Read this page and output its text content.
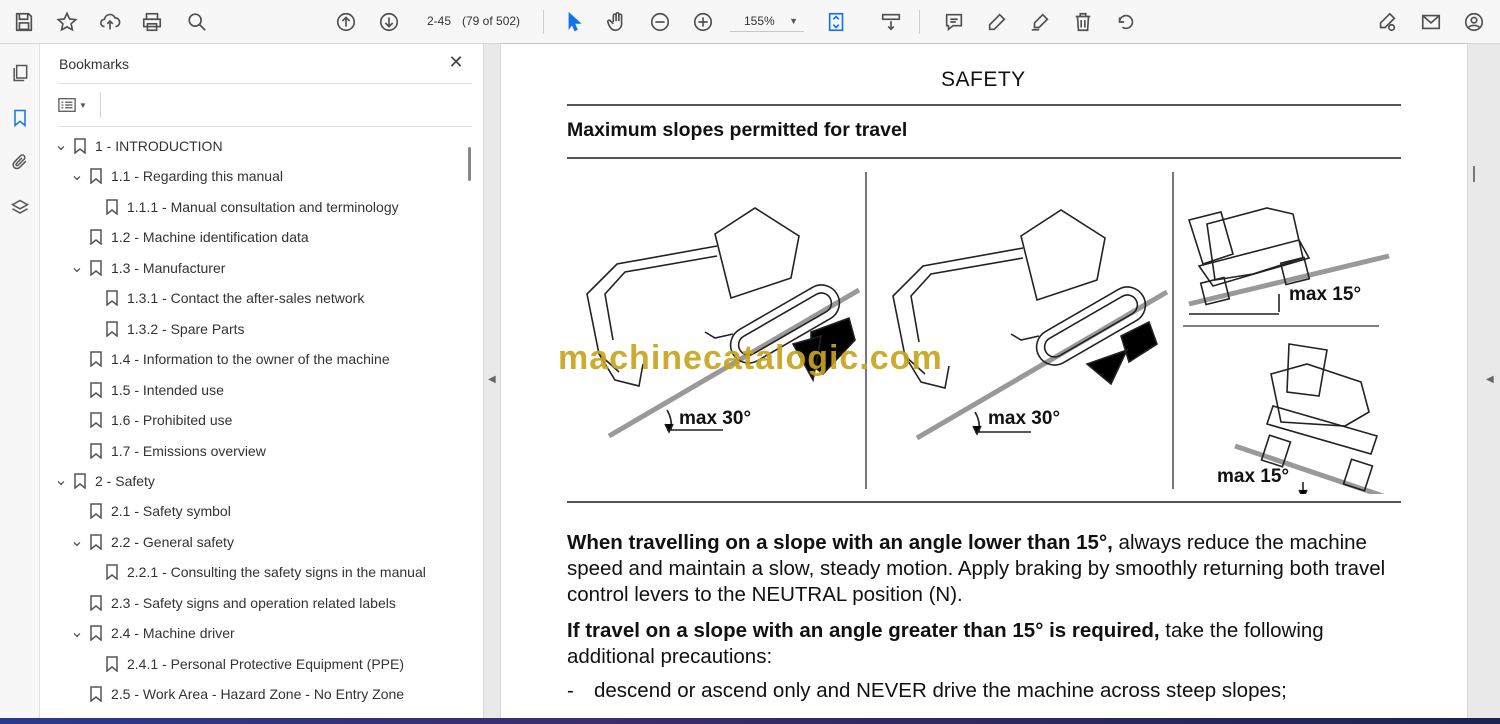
2-45 (79 of 502)	155% ▼
Bookmarks	✕
▼
⌄ 1 - INTRODUCTION
⌄ 1.1 - Regarding this manual
1.1.1 - Manual consultation and terminology
1.2 - Machine identification data
⌄ 1.3 - Manufacturer
1.3.1 - Contact the after-sales network
1.3.2 - Spare Parts
1.4 - Information to the owner of the machine
1.5 - Intended use
1.6 - Prohibited use
1.7 - Emissions overview
⌄ 2 - Safety
2.1 - Safety symbol
⌄ 2.2 - General safety
2.2.1 - Consulting the safety signs in the manual
2.3 - Safety signs and operation related labels
⌄ 2.4 - Machine driver
2.4.1 - Personal Protective Equipment (PPE)
2.5 - Work Area - Hazard Zone - No Entry Zone
◀	◀
SAFETY
Maximum slopes permitted for travel
max 30°	max 30°
max 15°
max 15°
machinecatalogic.com
When travelling on a slope with an angle lower than 15°, always reduce the machine speed and maintain a slow, steady motion. Apply braking by smoothly returning both travel control levers to the NEUTRAL position (N).
If travel on a slope with an angle greater than 15° is required, take the following additional precautions:
- descend or ascend only and NEVER drive the machine across steep slopes;
